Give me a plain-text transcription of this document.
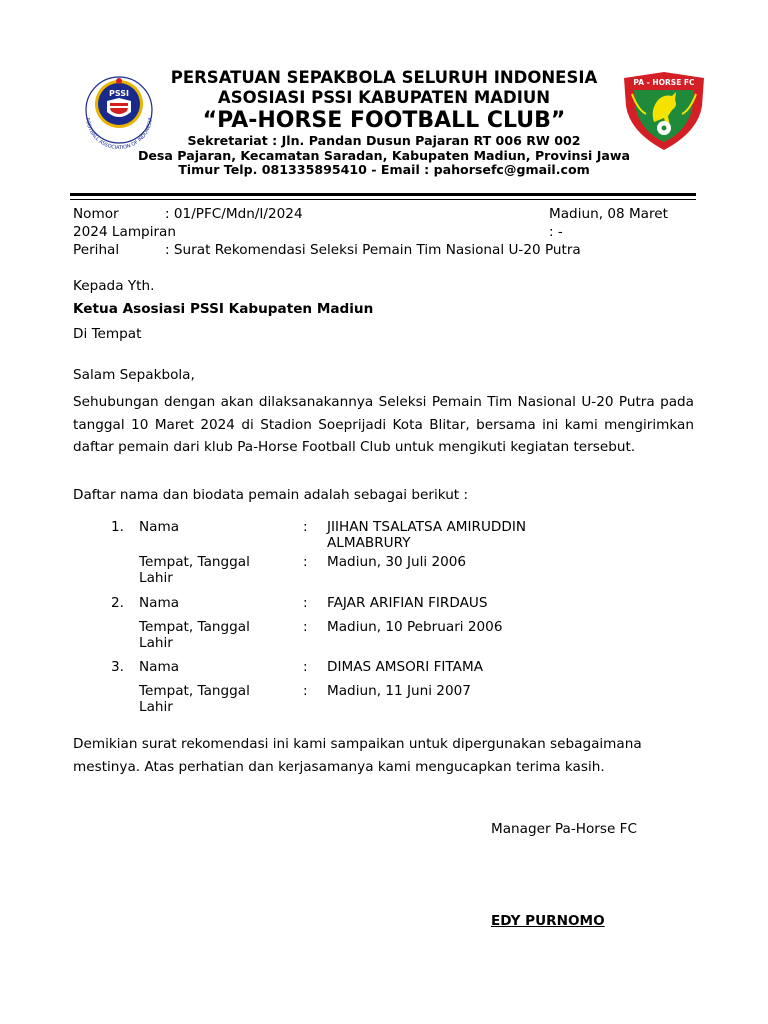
PSSI
FOOTBALL ASSOCIATION OF INDONESIA
PA - HORSE FC
PERSATUAN SEPAKBOLA SELURUH INDONESIA
ASOSIASI PSSI KABUPATEN MADIUN
“PA-HORSE FOOTBALL CLUB”
Sekretariat : Jln. Pandan Dusun Pajaran RT 006 RW 002
Desa Pajaran, Kecamatan Saradan, Kabupaten Madiun, Provinsi Jawa
Timur Telp. 081335895410 - Email : pahorsefc@gmail.com
Nomor	: 01/PFC/Mdn/I/2024	Madiun, 08 Maret
2024 Lampiran	: -
Perihal	: Surat Rekomendasi Seleksi Pemain Tim Nasional U-20 Putra
Kepada Yth.
Ketua Asosiasi PSSI Kabupaten Madiun
Di Tempat
Salam Sepakbola,
Sehubungan dengan akan dilaksanakannya Seleksi Pemain Tim Nasional U-20 Putra pada tanggal 10 Maret 2024 di Stadion Soeprijadi Kota Blitar, bersama ini kami mengirimkan daftar pemain dari klub Pa-Horse Football Club untuk mengikuti kegiatan tersebut.
Daftar nama dan biodata pemain adalah sebagai berikut :
1. Nama	: JIIHAN TSALATSA AMIRUDDIN ALMABRURY
Tempat, Tanggal Lahir
: Madiun, 30 Juli 2006
2. Nama	: FAJAR ARIFIAN FIRDAUS
Tempat, Tanggal Lahir
: Madiun, 10 Pebruari 2006
3. Nama	: DIMAS AMSORI FITAMA
Tempat, Tanggal Lahir
: Madiun, 11 Juni 2007
Demikian surat rekomendasi ini kami sampaikan untuk dipergunakan sebagaimana mestinya. Atas perhatian dan kerjasamanya kami mengucapkan terima kasih.
Manager Pa-Horse FC
EDY PURNOMO
